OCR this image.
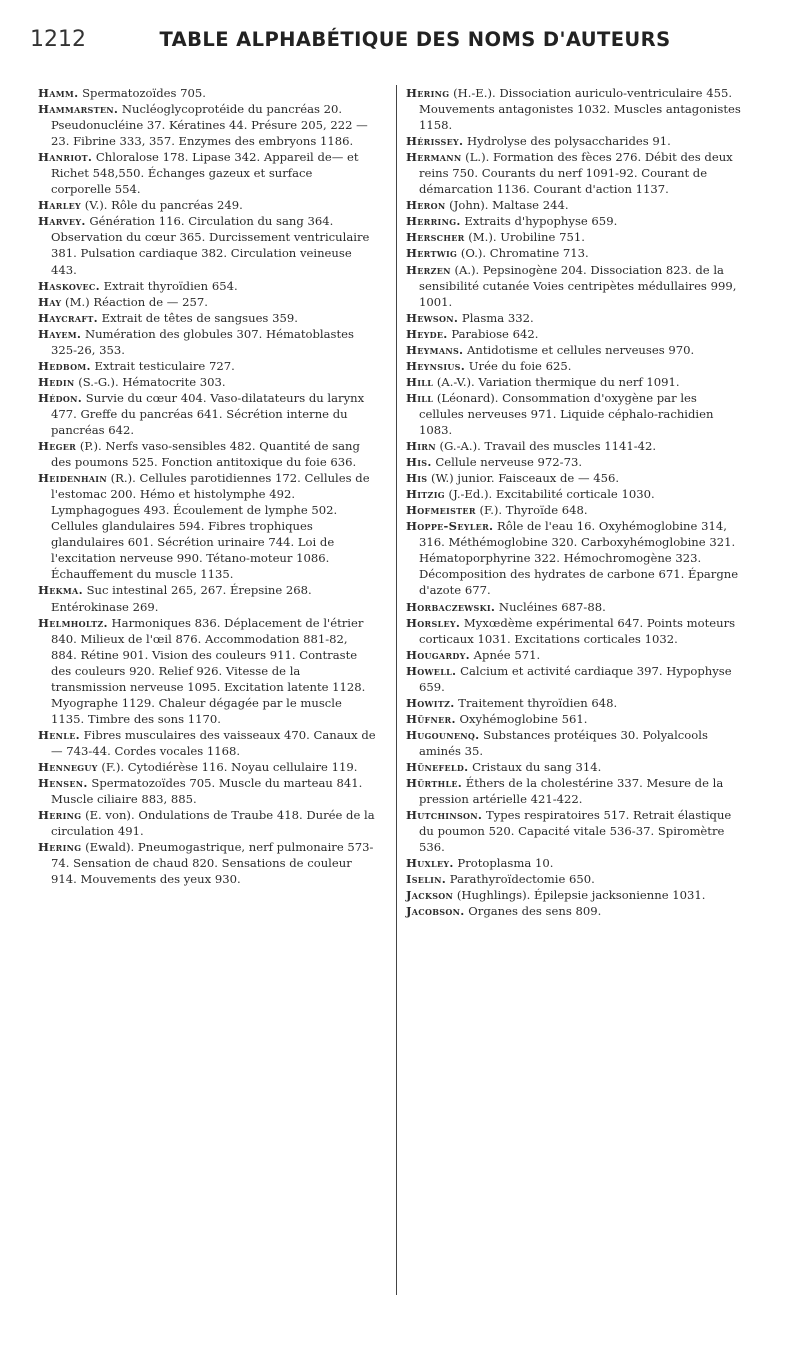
1212	TABLE ALPHABÉTIQUE DES NOMS D'AUTEURS
Hamm. Spermatozoïdes 705.
Hammarsten. Nucléoglycoprotéide du pancréas 20. Pseudonucléine 37. Kératines 44. Présure 205, 222 — 23. Fibrine 333, 357. Enzymes des embryons 1186.
Hanriot. Chloralose 178. Lipase 342. Appareil de— et Richet 548,550. Échanges gazeux et surface corporelle 554.
Harley (V.). Rôle du pancréas 249.
Harvey. Génération 116. Circulation du sang 364. Observation du cœur 365. Durcissement ventriculaire 381. Pulsation cardiaque 382. Circulation veineuse 443.
Haskovec. Extrait thyroïdien 654.
Hay (M.) Réaction de — 257.
Haycraft. Extrait de têtes de sangsues 359.
Hayem. Numération des globules 307. Hématoblastes 325-26, 353.
Hedbom. Extrait testiculaire 727.
Hedin (S.-G.). Hématocrite 303.
Hédon. Survie du cœur 404. Vaso-dilatateurs du larynx 477. Greffe du pancréas 641. Sécrétion interne du pancréas 642.
Heger (P.). Nerfs vaso-sensibles 482. Quantité de sang des poumons 525. Fonction antitoxique du foie 636.
Heidenhain (R.). Cellules parotidiennes 172. Cellules de l'estomac 200. Hémo et histolymphe 492. Lymphagogues 493. Écoulement de lymphe 502. Cellules glandulaires 594. Fibres trophiques glandulaires 601. Sécrétion urinaire 744. Loi de l'excitation nerveuse 990. Tétano-moteur 1086. Échauffement du muscle 1135.
Hekma. Suc intestinal 265, 267. Érepsine 268. Entérokinase 269.
Helmholtz. Harmoniques 836. Déplacement de l'étrier 840. Milieux de l'œil 876. Accommodation 881-82, 884. Rétine 901. Vision des couleurs 911. Contraste des couleurs 920. Relief 926. Vitesse de la transmission nerveuse 1095. Excitation latente 1128. Myographe 1129. Chaleur dégagée par le muscle 1135. Timbre des sons 1170.
Henle. Fibres musculaires des vaisseaux 470. Canaux de — 743-44. Cordes vocales 1168.
Henneguy (F.). Cytodiérèse 116. Noyau cellulaire 119.
Hensen. Spermatozoïdes 705. Muscle du marteau 841. Muscle ciliaire 883, 885.
Hering (E. von). Ondulations de Traube 418. Durée de la circulation 491.
Hering (Ewald). Pneumogastrique, nerf pulmonaire 573-74. Sensation de chaud 820. Sensations de couleur 914. Mouvements des yeux 930.
Hering (H.-E.). Dissociation auriculo-ventriculaire 455. Mouvements antagonistes 1032. Muscles antagonistes 1158.
Hérissey. Hydrolyse des polysaccharides 91.
Hermann (L.). Formation des fèces 276. Débit des deux reins 750. Courants du nerf 1091-92. Courant de démarcation 1136. Courant d'action 1137.
Heron (John). Maltase 244.
Herring. Extraits d'hypophyse 659.
Herscher (M.). Urobiline 751.
Hertwig (O.). Chromatine 713.
Herzen (A.). Pepsinogène 204. Dissociation 823. de la sensibilité cutanée Voies centripètes médullaires 999, 1001.
Hewson. Plasma 332.
Heyde. Parabiose 642.
Heymans. Antidotisme et cellules nerveuses 970.
Heynsius. Urée du foie 625.
Hill (A.-V.). Variation thermique du nerf 1091.
Hill (Léonard). Consommation d'oxygène par les cellules nerveuses 971. Liquide céphalo-rachidien 1083.
Hirn (G.-A.). Travail des muscles 1141-42.
His. Cellule nerveuse 972-73.
His (W.) junior. Faisceaux de — 456.
Hitzig (J.-Ed.). Excitabilité corticale 1030.
Hofmeister (F.). Thyroïde 648.
Hoppe-Seyler. Rôle de l'eau 16. Oxyhémoglobine 314, 316. Méthémoglobine 320. Carboxyhémoglobine 321. Hématoporphyrine 322. Hémochromogène 323. Décomposition des hydrates de carbone 671. Épargne d'azote 677.
Horbaczewski. Nucléines 687-88.
Horsley. Myxœdème expérimental 647. Points moteurs corticaux 1031. Excitations corticales 1032.
Hougardy. Apnée 571.
Howell. Calcium et activité cardiaque 397. Hypophyse 659.
Howitz. Traitement thyroïdien 648.
Hüfner. Oxyhémoglobine 561.
Hugounenq. Substances protéiques 30. Polyalcools aminés 35.
Hünefeld. Cristaux du sang 314.
Hürthle. Éthers de la cholestérine 337. Mesure de la pression artérielle 421-422.
Hutchinson. Types respiratoires 517. Retrait élastique du poumon 520. Capacité vitale 536-37. Spiromètre 536.
Huxley. Protoplasma 10.
Iselin. Parathyroïdectomie 650.
Jackson (Hughlings). Épilepsie jacksonienne 1031.
Jacobson. Organes des sens 809.
